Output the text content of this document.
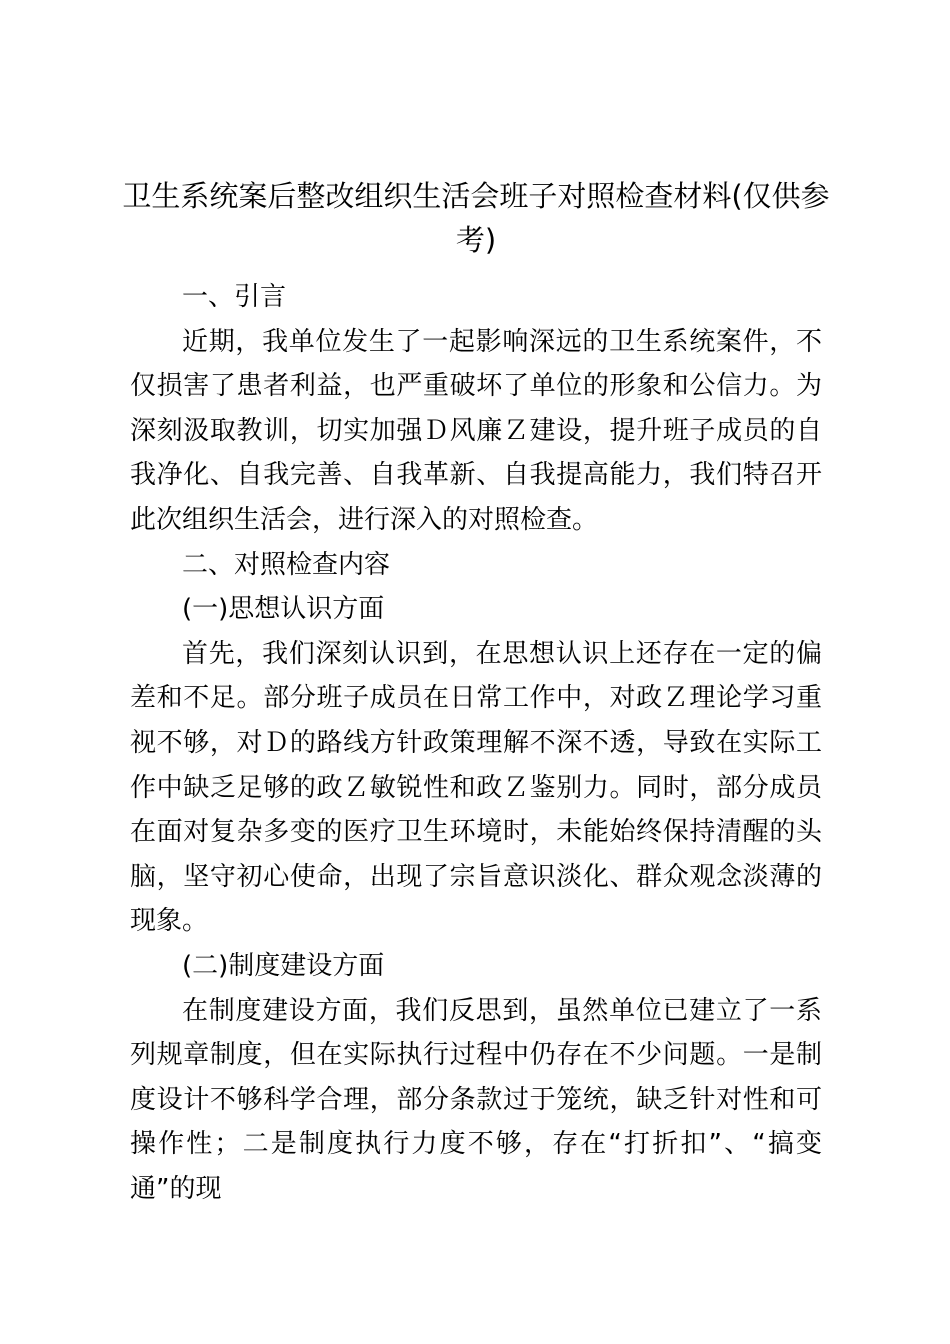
卫生系统案后整改组织生活会班子对照检查材料(仅供参考)

一、引言

近期，我单位发生了一起影响深远的卫生系统案件，不仅损害了患者利益，也严重破坏了单位的形象和公信力。为深刻汲取教训，切实加强Ｄ风廉Ｚ建设，提升班子成员的自我净化、自我完善、自我革新、自我提高能力，我们特召开此次组织生活会，进行深入的对照检查。

二、对照检查内容

(一)思想认识方面

首先，我们深刻认识到，在思想认识上还存在一定的偏差和不足。部分班子成员在日常工作中，对政Ｚ理论学习重视不够，对Ｄ的路线方针政策理解不深不透，导致在实际工作中缺乏足够的政Ｚ敏锐性和政Ｚ鉴别力。同时，部分成员在面对复杂多变的医疗卫生环境时，未能始终保持清醒的头脑，坚守初心使命，出现了宗旨意识淡化、群众观念淡薄的现象。

(二)制度建设方面

在制度建设方面，我们反思到，虽然单位已建立了一系列规章制度，但在实际执行过程中仍存在不少问题。一是制度设计不够科学合理，部分条款过于笼统，缺乏针对性和可操作性；二是制度执行力度不够，存在“打折扣”、“搞变通”的现
